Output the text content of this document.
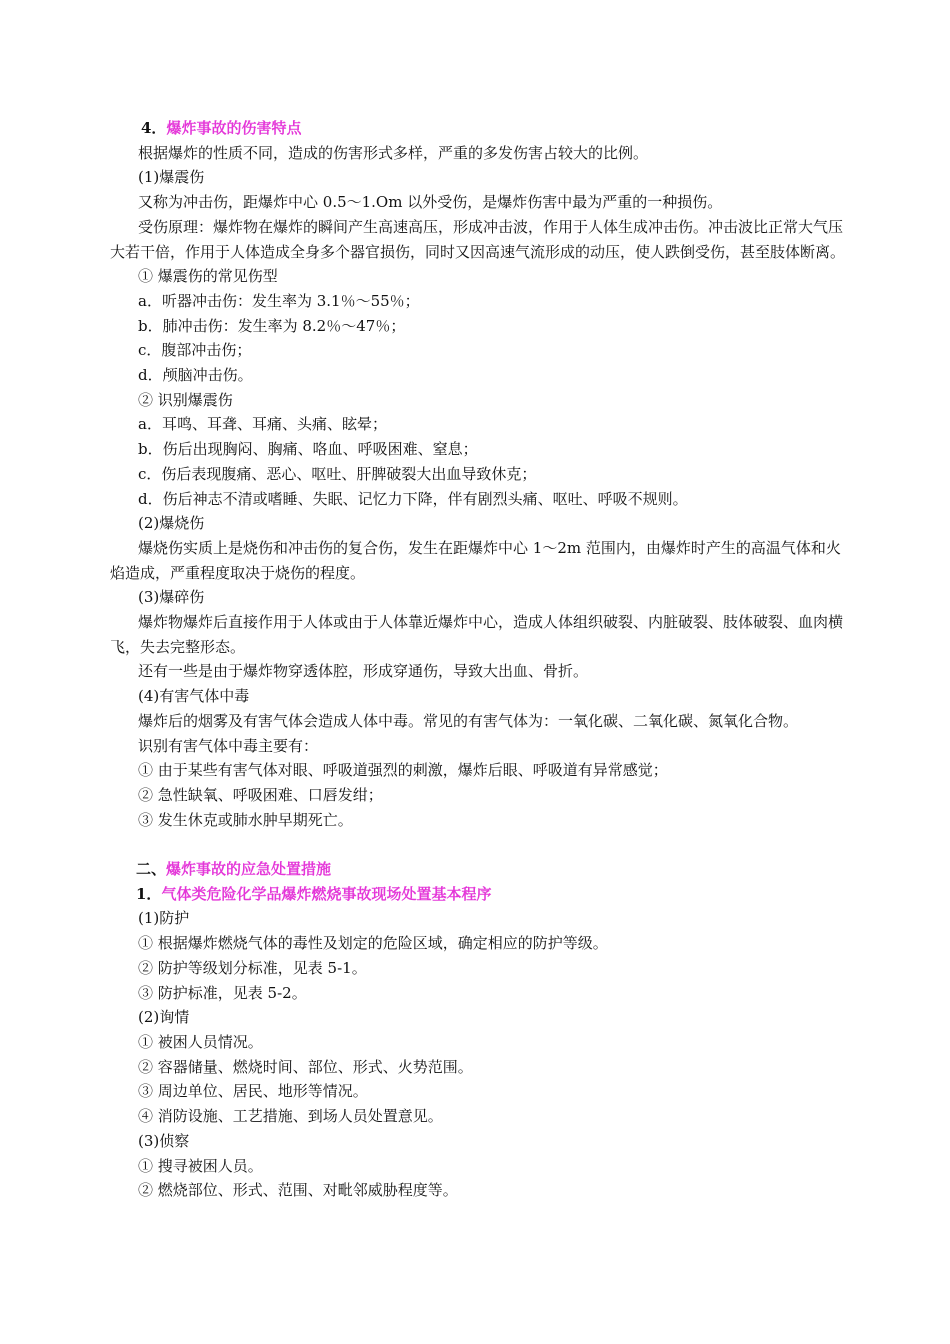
4．爆炸事故的伤害特点

根据爆炸的性质不同，造成的伤害形式多样，严重的多发伤害占较大的比例。

(1)爆震伤

又称为冲击伤，距爆炸中心 0.5～1.Om 以外受伤，是爆炸伤害中最为严重的一种损伤。

受伤原理：爆炸物在爆炸的瞬间产生高速高压，形成冲击波，作用于人体生成冲击伤。冲击波比正常大气压大若干倍，作用于人体造成全身多个器官损伤，同时又因高速气流形成的动压，使人跌倒受伤，甚至肢体断离。

① 爆震伤的常见伤型

a．听器冲击伤：发生率为 3.1％～55％；

b．肺冲击伤：发生率为 8.2％～47％；

c．腹部冲击伤；

d．颅脑冲击伤。

② 识别爆震伤

a．耳鸣、耳聋、耳痛、头痛、眩晕；

b．伤后出现胸闷、胸痛、咯血、呼吸困难、窒息；

c．伤后表现腹痛、恶心、呕吐、肝脾破裂大出血导致休克；

d．伤后神志不清或嗜睡、失眠、记忆力下降，伴有剧烈头痛、呕吐、呼吸不规则。

(2)爆烧伤

爆烧伤实质上是烧伤和冲击伤的复合伤，发生在距爆炸中心 1～2m 范围内，由爆炸时产生的高温气体和火焰造成，严重程度取决于烧伤的程度。

(3)爆碎伤

爆炸物爆炸后直接作用于人体或由于人体靠近爆炸中心，造成人体组织破裂、内脏破裂、肢体破裂、血肉横飞，失去完整形态。

还有一些是由于爆炸物穿透体腔，形成穿通伤，导致大出血、骨折。

(4)有害气体中毒

爆炸后的烟雾及有害气体会造成人体中毒。常见的有害气体为：一氧化碳、二氧化碳、氮氧化合物。

识别有害气体中毒主要有：

① 由于某些有害气体对眼、呼吸道强烈的刺激，爆炸后眼、呼吸道有异常感觉；

② 急性缺氧、呼吸困难、口唇发绀；

③ 发生休克或肺水肿早期死亡。

二、爆炸事故的应急处置措施

1．气体类危险化学品爆炸燃烧事故现场处置基本程序

(1)防护

① 根据爆炸燃烧气体的毒性及划定的危险区域，确定相应的防护等级。

② 防护等级划分标准，见表 5-1。

③ 防护标准，见表 5-2。

(2)询情

① 被困人员情况。

② 容器储量、燃烧时间、部位、形式、火势范围。

③ 周边单位、居民、地形等情况。

④ 消防设施、工艺措施、到场人员处置意见。

(3)侦察

① 搜寻被困人员。

② 燃烧部位、形式、范围、对毗邻威胁程度等。
